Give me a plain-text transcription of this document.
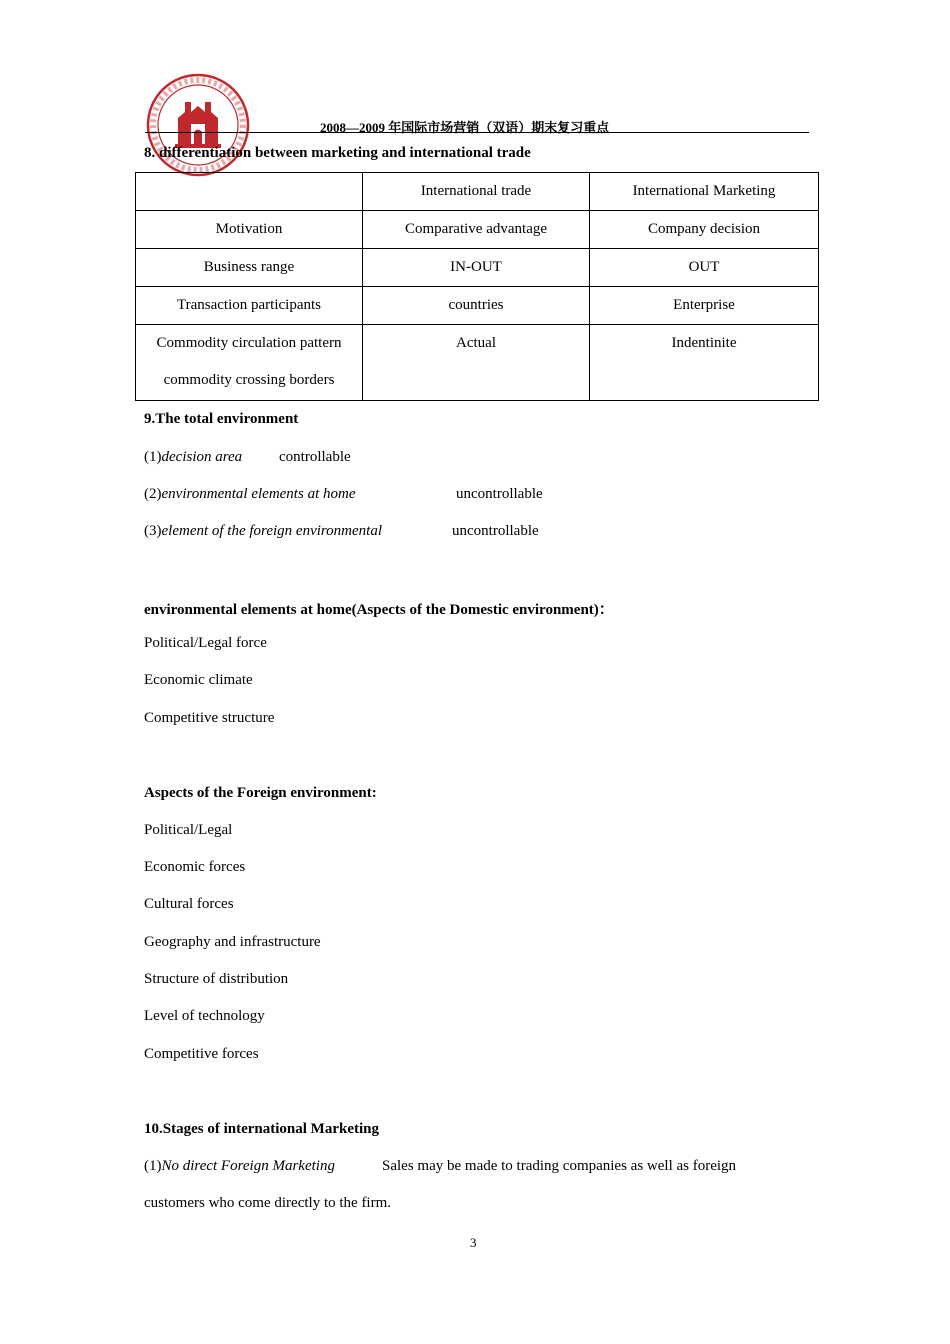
2008—2009 年国际市场营销（双语）期末复习重点
8. differentiation between marketing and international trade
	International trade	International Marketing
Motivation	Comparative advantage	Company decision
Business range	IN-OUT	OUT
Transaction participants	countries	Enterprise

Commodity circulation pattern
commodity crossing borders	Actual	Indentinite
9.The total environment
(1)decision area controllable
(2)environmental elements at home	uncontrollable
(3)element of the foreign environmental	uncontrollable
environmental elements at home(Aspects of the Domestic environment)：
Political/Legal force
Economic climate
Competitive structure
Aspects of the Foreign environment:
Political/Legal
Economic forces
Cultural forces
Geography and infrastructure
Structure of distribution
Level of technology
Competitive forces
10.Stages of international Marketing
(1)No direct Foreign Marketing	Sales may be made to trading companies as well as foreign
customers who come directly to the firm.
3
